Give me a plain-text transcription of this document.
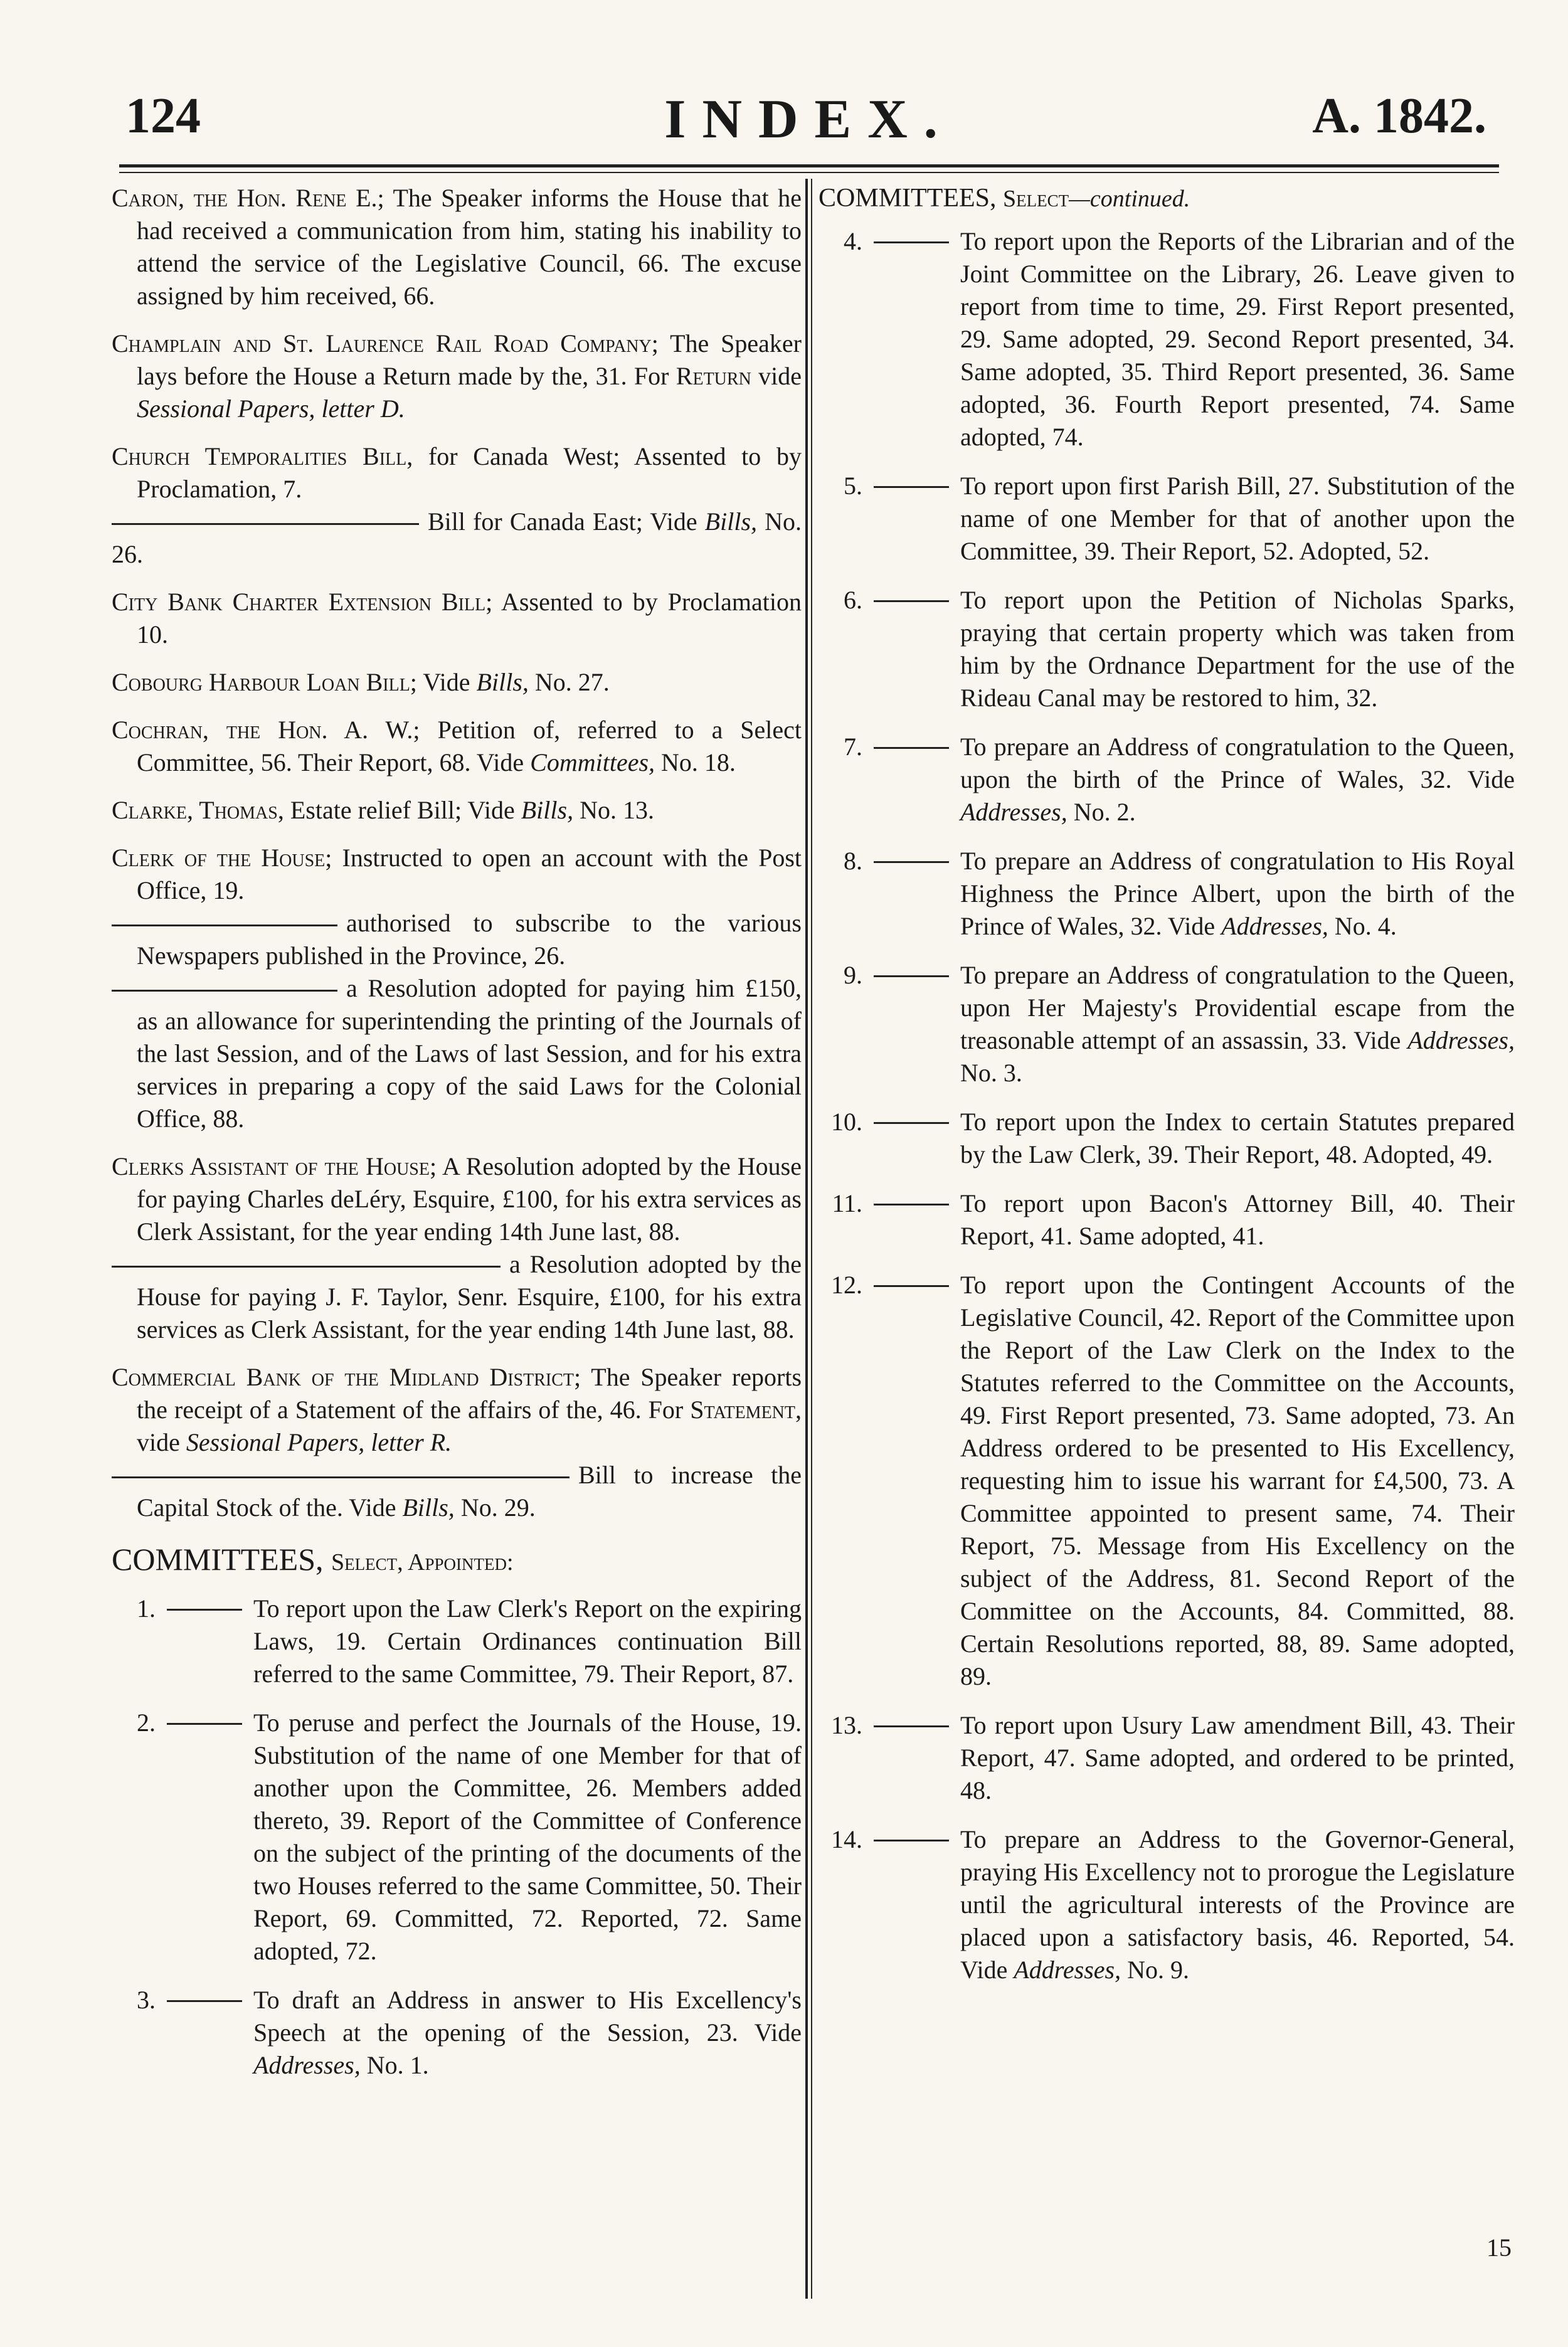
124	INDEX.	A. 1842.

Caron, the Hon. Rene E.; The Speaker informs the House that he had received a communication from him, stating his inability to attend the service of the Legislative Council, 66. The excuse assigned by him received, 66.

Champlain and St. Laurence Rail Road Company; The Speaker lays before the House a Return made by the, 31. For Return vide Sessional Papers, letter D.

Church Temporalities Bill, for Canada West; Assented to by Proclamation, 7.

Bill for Canada East; Vide Bills, No. 26.

City Bank Charter Extension Bill; Assented to by Proclamation 10.

Cobourg Harbour Loan Bill; Vide Bills, No. 27.

Cochran, the Hon. A. W.; Petition of, referred to a Select Committee, 56. Their Report, 68. Vide Committees, No. 18.

Clarke, Thomas, Estate relief Bill; Vide Bills, No. 13.

Clerk of the House; Instructed to open an account with the Post Office, 19.

authorised to subscribe to the various Newspapers published in the Province, 26.

a Resolution adopted for paying him £150, as an allowance for superintending the printing of the Journals of the last Session, and of the Laws of last Session, and for his extra services in preparing a copy of the said Laws for the Colonial Office, 88.

Clerks Assistant of the House; A Resolution adopted by the House for paying Charles deLéry, Esquire, £100, for his extra services as Clerk Assistant, for the year ending 14th June last, 88.

a Resolution adopted by the House for paying J. F. Taylor, Senr. Esquire, £100, for his extra services as Clerk Assistant, for the year ending 14th June last, 88.

Commercial Bank of the Midland District; The Speaker reports the receipt of a Statement of the affairs of the, 46. For Statement, vide Sessional Papers, letter R.

Bill to increase the Capital Stock of the. Vide Bills, No. 29.

COMMITTEES, Select, Appointed:
1.	To report upon the Law Clerk's Report on the expiring Laws, 19. Certain Ordinances continuation Bill referred to the same Committee, 79. Their Report, 87.
2.	To peruse and perfect the Journals of the House, 19. Substitution of the name of one Member for that of another upon the Committee, 26. Members added thereto, 39. Report of the Committee of Conference on the subject of the printing of the documents of the two Houses referred to the same Committee, 50. Their Report, 69. Committed, 72. Reported, 72. Same adopted, 72.
3.	To draft an Address in answer to His Excellency's Speech at the opening of the Session, 23. Vide Addresses, No. 1.
COMMITTEES, Select—continued.
4.	To report upon the Reports of the Librarian and of the Joint Committee on the Library, 26. Leave given to report from time to time, 29. First Report presented, 29. Same adopted, 29. Second Report presented, 34. Same adopted, 35. Third Report presented, 36. Same adopted, 36. Fourth Report presented, 74. Same adopted, 74.
5.	To report upon first Parish Bill, 27. Substitution of the name of one Member for that of another upon the Committee, 39. Their Report, 52. Adopted, 52.
6.	To report upon the Petition of Nicholas Sparks, praying that certain property which was taken from him by the Ordnance Department for the use of the Rideau Canal may be restored to him, 32.
7.	To prepare an Address of congratulation to the Queen, upon the birth of the Prince of Wales, 32. Vide Addresses, No. 2.
8.	To prepare an Address of congratulation to His Royal Highness the Prince Albert, upon the birth of the Prince of Wales, 32. Vide Addresses, No. 4.
9.	To prepare an Address of congratulation to the Queen, upon Her Majesty's Providential escape from the treasonable attempt of an assassin, 33. Vide Addresses, No. 3.
10.	To report upon the Index to certain Statutes prepared by the Law Clerk, 39. Their Report, 48. Adopted, 49.
11.	To report upon Bacon's Attorney Bill, 40. Their Report, 41. Same adopted, 41.
12.	To report upon the Contingent Accounts of the Legislative Council, 42. Report of the Committee upon the Report of the Law Clerk on the Index to the Statutes referred to the Committee on the Accounts, 49. First Report presented, 73. Same adopted, 73. An Address ordered to be presented to His Excellency, requesting him to issue his warrant for £4,500, 73. A Committee appointed to present same, 74. Their Report, 75. Message from His Excellency on the subject of the Address, 81. Second Report of the Committee on the Accounts, 84. Committed, 88. Certain Resolutions reported, 88, 89. Same adopted, 89.
13.	To report upon Usury Law amendment Bill, 43. Their Report, 47. Same adopted, and ordered to be printed, 48.
14.	To prepare an Address to the Governor-General, praying His Excellency not to prorogue the Legislature until the agricultural interests of the Province are placed upon a satisfactory basis, 46. Reported, 54. Vide Addresses, No. 9.
15
